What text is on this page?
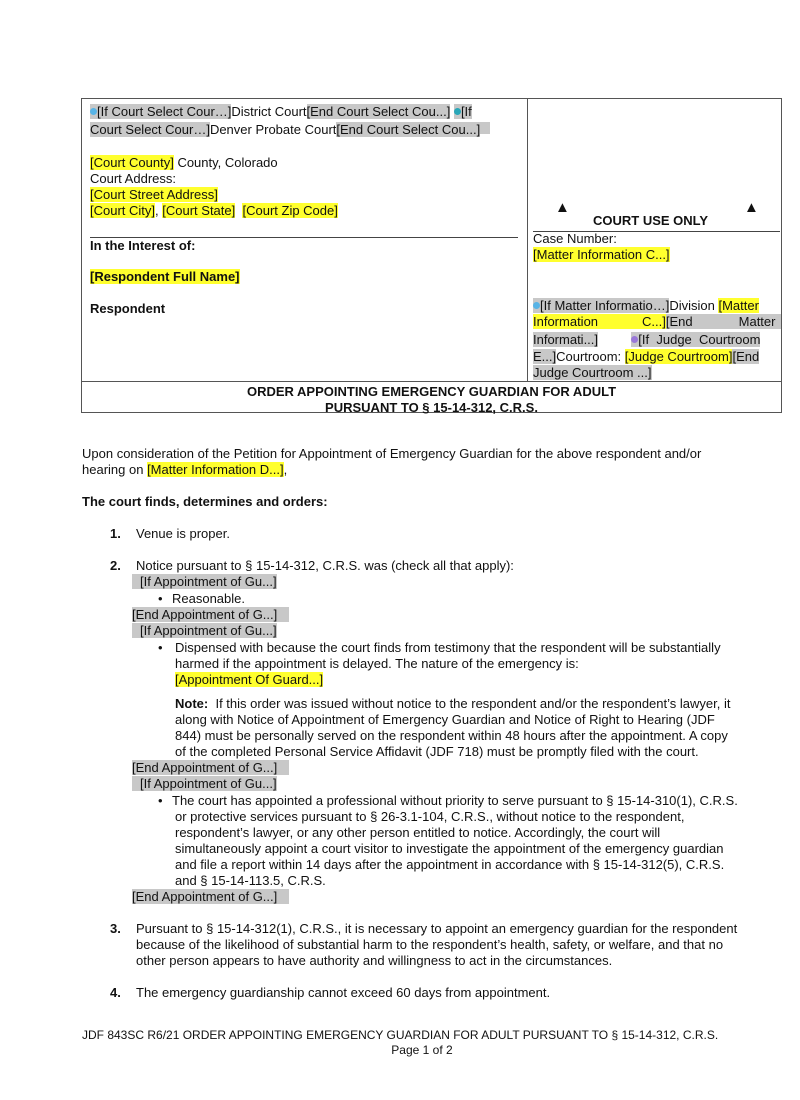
[If Court Select Cour…]District Court[End Court Select Cou...] [If
Court Select Cour…]Denver Probate Court[End Court Select Cou...]
[Court County] County, Colorado
Court Address:
[Court Street Address]
[Court City], [Court State] [Court Zip Code]
In the Interest of:
[Respondent Full Name]
Respondent
▲	▲
COURT USE ONLY
Case Number:
[Matter Information C...]
[If Matter Informatio…]Division [Matter
Information	C...][End	Matter
Informati...]	[If Judge Courtroom
E...]Courtroom: [Judge Courtroom][End
Judge Courtroom ...]
ORDER APPOINTING EMERGENCY GUARDIAN FOR ADULT
PURSUANT TO § 15-14-312, C.R.S.
Upon consideration of the Petition for Appointment of Emergency Guardian for the above respondent and/or
hearing on [Matter Information D...],
The court finds, determines and orders:
1. Venue is proper.
2. Notice pursuant to § 15-14-312, C.R.S. was (check all that apply):
[If Appointment of Gu...]
• Reasonable.
[End Appointment of G...]
[If Appointment of Gu...]
• Dispensed with because the court finds from testimony that the respondent will be substantially
harmed if the appointment is delayed. The nature of the emergency is:
[Appointment Of Guard...]
Note: If this order was issued without notice to the respondent and/or the respondent’s lawyer, it
along with Notice of Appointment of Emergency Guardian and Notice of Right to Hearing (JDF
844) must be personally served on the respondent within 48 hours after the appointment. A copy
of the completed Personal Service Affidavit (JDF 718) must be promptly filed with the court.
[End Appointment of G...]
[If Appointment of Gu...]
• The court has appointed a professional without priority to serve pursuant to § 15-14-310(1), C.R.S.
or protective services pursuant to § 26-3.1-104, C.R.S., without notice to the respondent,
respondent’s lawyer, or any other person entitled to notice. Accordingly, the court will
simultaneously appoint a court visitor to investigate the appointment of the emergency guardian
and file a report within 14 days after the appointment in accordance with § 15-14-312(5), C.R.S.
and § 15-14-113.5, C.R.S.
[End Appointment of G...]
3. Pursuant to § 15-14-312(1), C.R.S., it is necessary to appoint an emergency guardian for the respondent
because of the likelihood of substantial harm to the respondent’s health, safety, or welfare, and that no
other person appears to have authority and willingness to act in the circumstances.
4. The emergency guardianship cannot exceed 60 days from appointment.
JDF 843SC R6/21 ORDER APPOINTING EMERGENCY GUARDIAN FOR ADULT PURSUANT TO § 15-14-312, C.R.S.
Page 1 of 2
